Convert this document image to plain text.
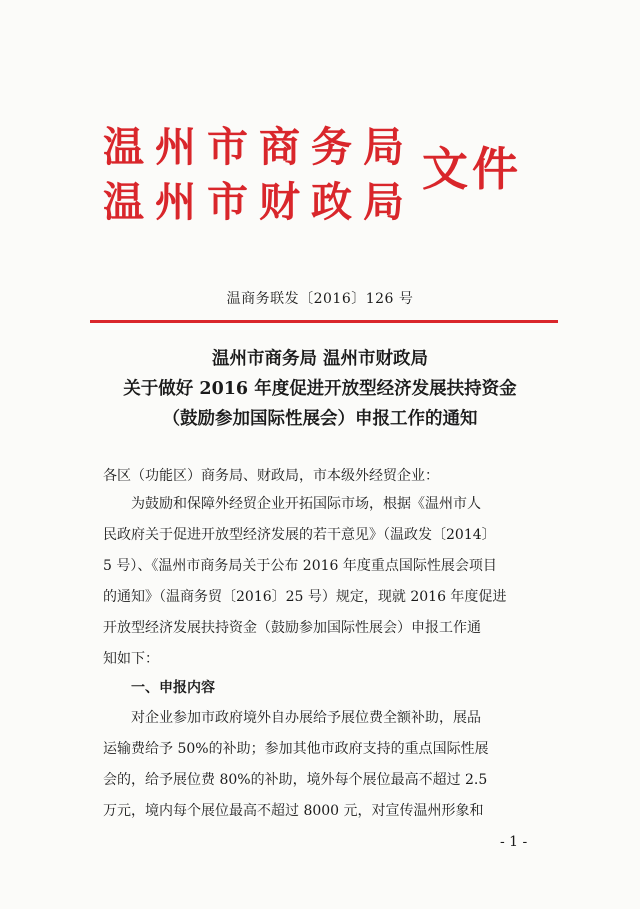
温州市商务局
温州市财政局
文件
温商务联发〔2016〕126 号
温州市商务局 温州市财政局
关于做好 2016 年度促进开放型经济发展扶持资金
（鼓励参加国际性展会）申报工作的通知
各区（功能区）商务局、财政局，市本级外经贸企业：
为鼓励和保障外经贸企业开拓国际市场，根据《温州市人
民政府关于促进开放型经济发展的若干意见》（温政发〔2014〕
5 号）、《温州市商务局关于公布 2016 年度重点国际性展会项目
的通知》（温商务贸〔2016〕25 号）规定，现就 2016 年度促进
开放型经济发展扶持资金（鼓励参加国际性展会）申报工作通
知如下：
一、申报内容
对企业参加市政府境外自办展给予展位费全额补助，展品
运输费给予 50%的补助；参加其他市政府支持的重点国际性展
会的，给予展位费 80%的补助，境外每个展位最高不超过 2.5
万元，境内每个展位最高不超过 8000 元，对宣传温州形象和
- 1 -
